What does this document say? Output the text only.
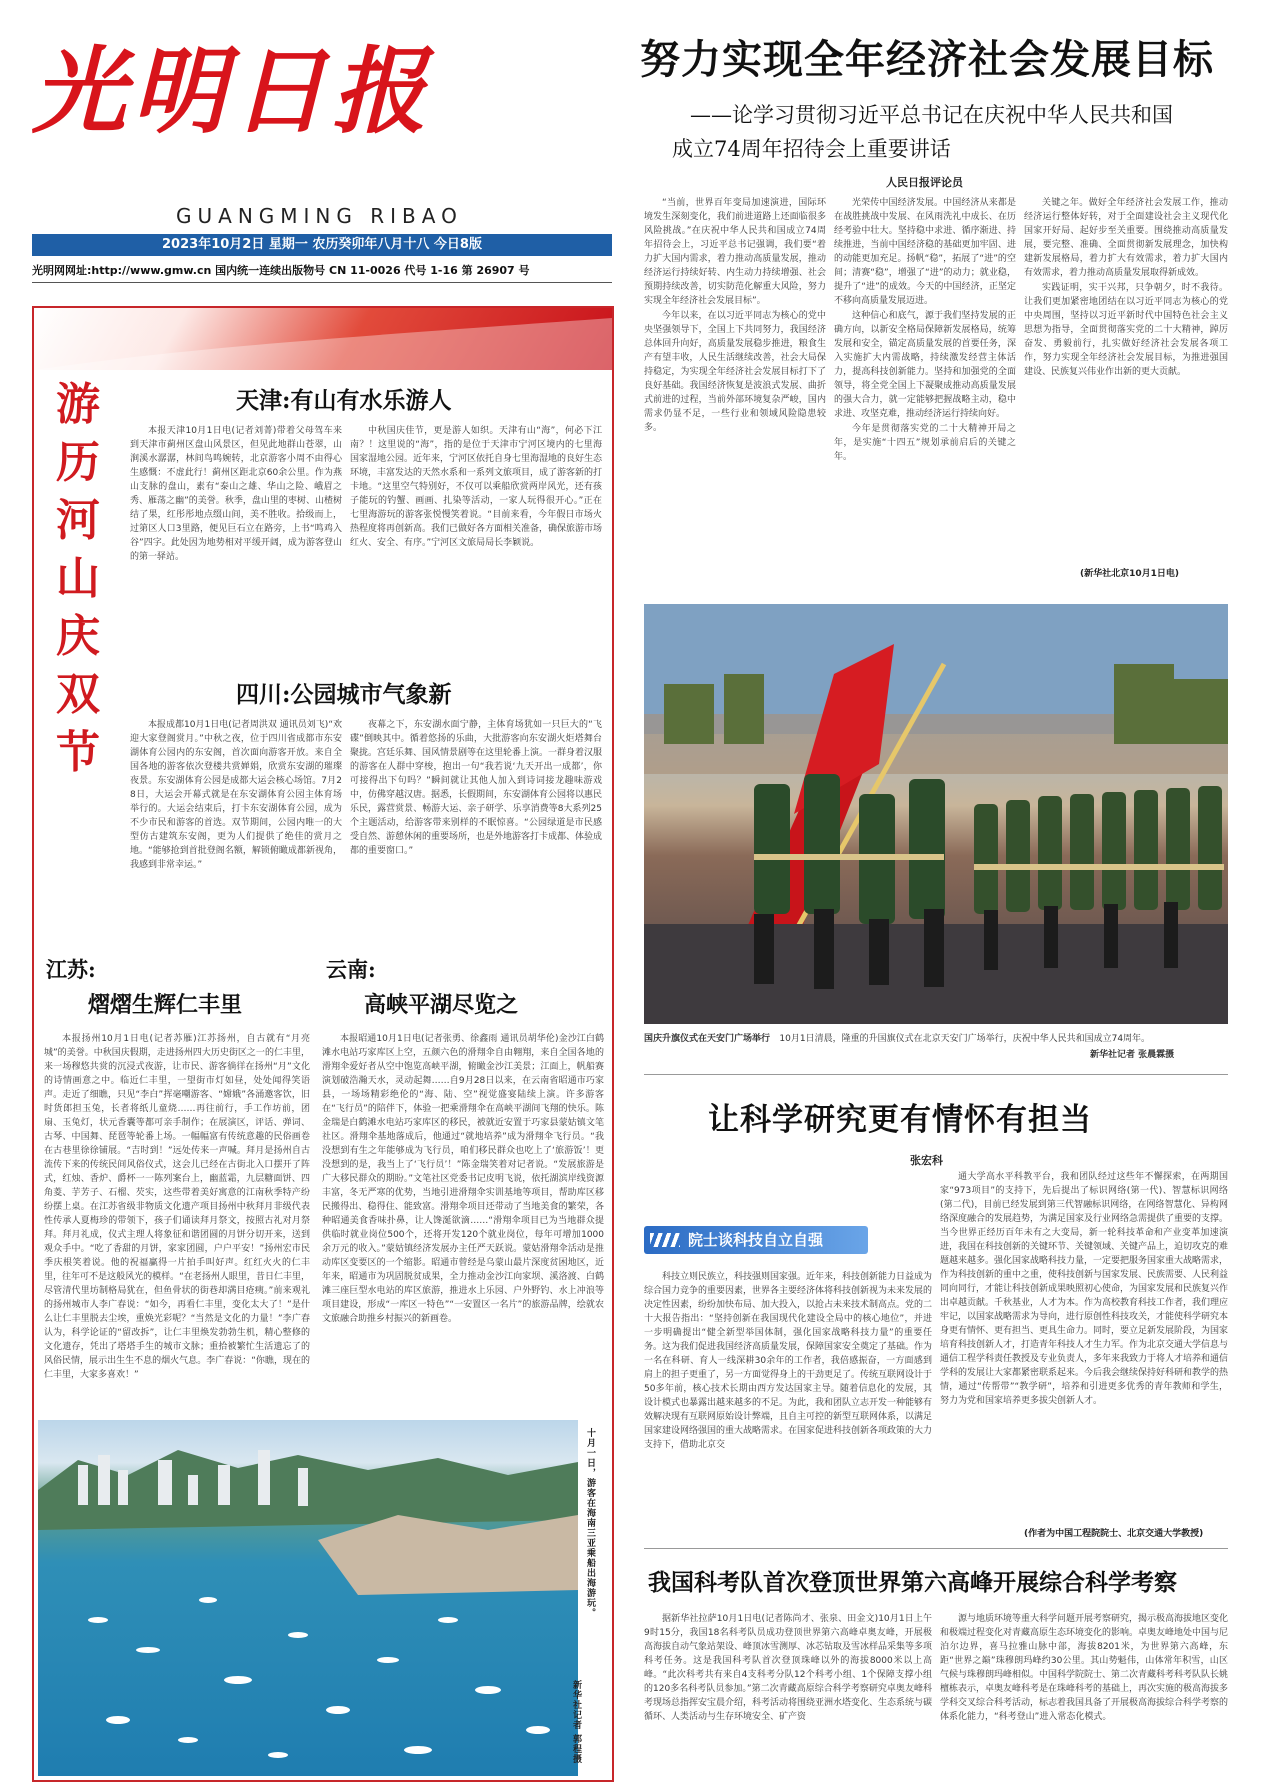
光明日报
GUANGMING RIBAO
2023年10月2日 星期一 农历癸卯年八月十八 今日8版
光明网网址:http://www.gmw.cn 国内统一连续出版物号 CN 11-0026 代号 1-16 第 26907 号
努力实现全年经济社会发展目标
——论学习贯彻习近平总书记在庆祝中华人民共和国
成立74周年招待会上重要讲话
人民日报评论员

“当前，世界百年变局加速演进，国际环境发生深刻变化，我们前进道路上还面临很多风险挑战。”在庆祝中华人民共和国成立74周年招待会上，习近平总书记强调，我们要“着力扩大国内需求，着力推动高质量发展，推动经济运行持续好转、内生动力持续增强、社会预期持续改善，切实防范化解重大风险，努力实现全年经济社会发展目标”。

今年以来，在以习近平同志为核心的党中央坚强领导下，全国上下共同努力，我国经济总体回升向好，高质量发展稳步推进，粮食生产有望丰收，人民生活继续改善，社会大局保持稳定，为实现全年经济社会发展目标打下了良好基础。我国经济恢复是波浪式发展、曲折式前进的过程，当前外部环境复杂严峻，国内需求仍显不足，一些行业和领域风险隐患较多。

光荣传中国经济发展。中国经济从来都是在战胜挑战中发展、在风雨洗礼中成长、在历经考验中壮大。坚持稳中求进、循序渐进、持续推进，当前中国经济稳的基础更加牢固、进的动能更加充足。扬帆“稳”，拓展了“进”的空间；清赛“稳”，增强了“进”的动力；就业稳，提升了“进”的成效。今天的中国经济，正坚定不移向高质量发展迈进。

这种信心和底气，源于我们坚持发展的正确方向，以新安全格局保障新发展格局，统筹发展和安全，锚定高质量发展的首要任务，深入实施扩大内需战略，持续激发经营主体活力，提高科技创新能力。坚持和加强党的全面领导，将全党全国上下凝聚成推动高质量发展的强大合力，就一定能够把握战略主动，稳中求进、攻坚克难，推动经济运行持续向好。

今年是贯彻落实党的二十大精神开局之年，是实施“十四五”规划承前启后的关键之年。

关键之年。做好全年经济社会发展工作，推动经济运行整体好转，对于全面建设社会主义现代化国家开好局、起好步至关重要。围绕推动高质量发展，要完整、准确、全面贯彻新发展理念，加快构建新发展格局，着力扩大有效需求，着力扩大国内有效需求，着力推动高质量发展取得新成效。

实践证明，实干兴邦，只争朝夕，时不我待。让我们更加紧密地团结在以习近平同志为核心的党中央周围，坚持以习近平新时代中国特色社会主义思想为指导，全面贯彻落实党的二十大精神，踔厉奋发、勇毅前行，扎实做好经济社会发展各项工作，努力实现全年经济社会发展目标，为推进强国建设、民族复兴伟业作出新的更大贡献。

(新华社北京10月1日电)
国庆升旗仪式在天安门广场举行 10月1日清晨，隆重的升国旗仪式在北京天安门广场举行，庆祝中华人民共和国成立74周年。
新华社记者 张晨霖摄
让科学研究更有情怀有担当
张宏科
院士谈科技自立自强

科技立则民族立，科技强则国家强。近年来，科技创新能力日益成为综合国力竞争的重要因素，世界各主要经济体将科技创新视为未来发展的决定性因素，纷纷加快布局、加大投入，以抢占未来技术制高点。党的二十大报告指出：“坚持创新在我国现代化建设全局中的核心地位”，并进一步明确提出“健全新型举国体制，强化国家战略科技力量”的重要任务。这为我们促进我国经济高质量发展，保障国家安全奠定了基础。作为一名在科研、育人一线深耕30余年的工作者，我倍感振奋，一方面感到肩上的担子更重了，另一方面觉得身上的干劲更足了。传统互联网设计于50多年前，核心技术长期由西方发达国家主导。随着信息化的发展，其设计模式也暴露出越来越多的不足。为此，我和团队立志开发一种能够有效解决现有互联网原始设计弊端，且自主可控的新型互联网体系，以满足国家建设网络强国的重大战略需求。在国家促进科技创新各项政策的大力支持下，借助北京交

通大学高水平科教平台，我和团队经过这些年不懈探索，在两期国家“973项目”的支持下，先后提出了标识网络(第一代)、智慧标识网络(第二代)，目前已经发展到第三代智融标识网络，在网络智慧化、异构网络深度融合的发展趋势，为满足国家及行业网络急需提供了重要的支撑。当今世界正经历百年未有之大变局，新一轮科技革命和产业变革加速演进，我国在科技创新的关键环节、关键领域、关键产品上，迫切攻克的难题越来越多。强化国家战略科技力量，一定要把服务国家重大战略需求，作为科技创新的重中之重，使科技创新与国家发展、民族需要、人民利益同向同行，才能让科技创新成果映照初心使命，为国家发展和民族复兴作出卓越贡献。千秋基业，人才为本。作为高校教育科技工作者，我们理应牢记，以国家战略需求为导向，进行原创性科技攻关，才能使科学研究本身更有情怀、更有担当、更具生命力。同时，要立足新发展阶段，为国家培育科技创新人才，打造青年科技人才生力军。作为北京交通大学信息与通信工程学科责任教授及专业负责人，多年来我致力于将人才培养和通信学科的发展让大家都紧密联系起来。今后我会继续保持好科研和教学的热情，通过“传帮带”“教学研”，培养和引进更多优秀的青年教师和学生，努力为党和国家培养更多拔尖创新人才。

(作者为中国工程院院士、北京交通大学教授)
我国科考队首次登顶世界第六高峰开展综合科学考察

据新华社拉萨10月1日电(记者陈尚才、张泉、田金文)10月1日上午9时15分，我国18名科考队员成功登顶世界第六高峰卓奥友峰，开展极高海拔自动气象站架设、峰顶冰雪测厚、冰芯钻取及雪冰样品采集等多项科考任务。这是我国科考队首次登顶珠峰以外的海拔8000米以上高峰。“此次科考共有来自4支科考分队12个科考小组、1个保障支撑小组的120多名科考队员参加。”第二次青藏高原综合科学考察研究卓奥友峰科考现场总指挥安宝晨介绍，科考活动将围绕亚洲水塔变化、生态系统与碳循环、人类活动与生存环境安全、矿产资

源与地质环境等重大科学问题开展考察研究，揭示极高海拔地区变化和极端过程变化对青藏高原生态环境变化的影响。卓奥友峰地处中国与尼泊尔边界，喜马拉雅山脉中部，海拔8201米，为世界第六高峰，东距“世界之巅”珠穆朗玛峰约30公里。其山势魁伟，山体常年积雪，山区气候与珠穆朗玛峰相似。中国科学院院士、第二次青藏科考科考队队长姚檀栋表示，卓奥友峰科考是在珠峰科考的基础上，再次实施的极高海拔多学科交叉综合科考活动，标志着我国具备了开展极高海拔综合科学考察的体系化能力，“科考登山”进入常态化模式。

游
历
河
山
庆
双
节
天津:有山有水乐游人

本报天津10月1日电(记者刘菁)带着父母驾车来到天津市蓟州区盘山风景区，但见此地群山苍翠，山涧溪水潺潺，林间鸟鸣婉转，北京游客小周不由得心生感慨：不虚此行！蓟州区距北京60余公里。作为燕山支脉的盘山，素有“泰山之雄、华山之险、峨眉之秀、雁荡之幽”的美誉。秋季，盘山里的枣树、山楂树结了果，红彤彤地点缀山间，美不胜收。拾级而上，过第区人口3里路，便见巨石立在路旁，上书“鸣鸡入谷”四字。此处因为地势相对平缓开阔，成为游客登山的第一驿站。

中秋国庆佳节，更是游人如织。天津有山“海”，何必下江南？！这里说的“海”，指的是位于天津市宁河区境内的七里海国家湿地公园。近年来，宁河区依托自身七里海湿地的良好生态环境，丰富发达的天然水系和一系列文旅项目，成了游客新的打卡地。“这里空气特别好，不仅可以乘船欣赏两岸风光，还有孩子能玩的钓蟹、画画、扎染等活动，一家人玩得很开心。”正在七里海游玩的游客张悦慢笑着说。“目前来看，今年假日市场火热程度将再创新高。我们已做好各方面相关准备，确保旅游市场红火、安全、有序。”宁河区文旅局局长李颖说。

四川:公园城市气象新

本报成都10月1日电(记者周洪双 通讯员刘飞)“欢迎大家登阁赏月。”中秋之夜，位于四川省成都市东安湖体育公园内的东安阁，首次面向游客开放。来自全国各地的游客依次登楼共赏婵娟，欣赏东安湖的璀璨夜景。东安湖体育公园是成都大运会核心场馆。7月28日，大运会开幕式就是在东安湖体育公园主体育场举行的。大运会结束后，打卡东安湖体育公园，成为不少市民和游客的首选。双节期间，公园内唯一的大型仿古建筑东安阁，更为人们提供了绝佳的赏月之地。“能够抢到首批登阁名额，解锁俯瞰成都新视角，我感到非常幸运。”

夜幕之下，东安湖水面宁静，主体育场犹如一只巨大的“飞碟”倒映其中。循着悠扬的乐曲，大批游客向东安湖火炬塔舞台聚拢。宫廷乐舞、国风情景剧等在这里轮番上演。一群身着汉服的游客在人群中穿梭，抱出一句“我若说‘九天开出一成都’，你可接得出下句吗？”瞬间就让其他人加入到诗词接龙趣味游戏中，仿佛穿越汉唐。据悉，长假期间，东安湖体育公园将以惠民乐民，露营赏景、畅游大运、亲子研学、乐享消费等8大系列25个主题活动，给游客带来别样的不眠惊喜。“公园绿道是市民感受自然、游憩休闲的重要场所，也是外地游客打卡成都、体验成都的重要窗口。”

江苏:
熠熠生辉仁丰里

本报扬州10月1日电(记者苏雁)江苏扬州，自古就有“月亮城”的美誉。中秋国庆假期，走进扬州四大历史街区之一的仁丰里，来一场穆悠共赏的沉浸式夜游，让市民、游客徜徉在扬州“月”文化的诗情画意之中。临近仁丰里，一望街市灯如昼，处处闻得笑语声。走近了细瞧，只见“李白”挥毫嘲游客、“嫦娥”各涌邀客饮，旧时货郎担玉兔，长者将纸儿童烧……再往前行，手工作坊前，团扇、玉兔灯，状元香囊等都可亲手制作；在展演区，评话、弹词、古琴、中国舞、琵琶等轮番上场。一幅幅富有传统意趣的民俗画卷在古巷里徐徐铺展。“吉时到！”远处传来一声喊。拜月是扬州自古流传下来的传统民间风俗仪式，这会儿已经在古街北入口摆开了阵式，红烛、香炉、爵杯一一陈列案台上，幽蓝霜，九层糖面饼、四角菱、芋芳子、石榴、芡实，这些带着美好寓意的江南秋季特产纷纷摆上桌。在江苏省级非物质文化遗产项目扬州中秋拜月非级代表性传承人夏梅珍的带领下，孩子们诵读拜月祭文，按照古礼对月祭拜。拜月礼成，仪式主理人将象征和谐团圆的月饼分切开来，送到观众手中。“吃了香甜的月饼，家家团圆，户户平安！”扬州宏市民季庆根笑着说。他的祝福赢得一片拍手叫好声。红红火火的仁丰里，往年可不是这般风光的模样。“在老扬州人眼里，昔日仁丰里，尽管清代里坊制格局犹在，但鱼骨状的街巷却满目疮痍。”前来观礼的扬州城市人李广春说：“如今，再看仁丰里，变化太大了！”是什么让仁丰里脱去尘埃，重焕光彩呢？“当然是文化的力量！”李广春认为，科学论证的“留改拆”，让仁丰里焕发勃勃生机，精心整修的文化遗存，凭出了塔塔手生的城市文脉；重拾被繁忙生活遗忘了的风俗民情，展示出生生不息的烟火气息。李广春说：“你瞧，现在的仁丰里，大家多喜欢！”

云南:
高峡平湖尽览之

本报昭通10月1日电(记者张勇、徐鑫雨 通讯员胡华伦)金沙江白鹤滩水电站巧家库区上空，五颜六色的滑翔伞自由翱翔，来自全国各地的滑翔伞爱好者从空中饱览高峡平湖，俯瞰金沙江美景；江面上，帆船赛演划破浩瀚天水，灵动起舞……自9月28日以来，在云南省昭通市巧家县，一场场精彩绝伦的“海、陆、空”视觉盛宴陆续上演。许多游客在“飞行员”的陪伴下，体验一把乘滑翔伞在高峡平湖间飞翔的快乐。陈金瑞是白鹤滩水电站巧家库区的移民，被就近安置于巧家县蒙姑镇文笔社区。滑翔伞基地落成后，他通过“就地培养”成为滑翔伞飞行员。“我没想到有生之年能够成为飞行员，咱们移民群众也吃上了‘旅游饭’！更没想到的是，我当上了‘飞行员’！”陈金瑞笑着对记者说。“发展旅游是广大移民群众的期盼。”文笔社区党委书记皮明飞说，依托湖滨岸线资源丰富，冬无严寒的优势，当地引进滑翔伞实训基地等项目，帮助库区移民搬得出、稳得住、能致富。滑翔伞项目还带动了当地美食的繁荣，各种昭通美食香味扑鼻，让人馋涎欲滴……“滑翔伞项目已为当地群众提供临时就业岗位500个，还将开发120个就业岗位，每年可增加1000余万元的收入。”蒙姑镇经济发展办主任严天跃说。蒙姑滑翔伞活动是推动库区变要区的一个缩影。昭通市曾经是乌蒙山最片深度贫困地区，近年来，昭通市为巩固脱贫成果，全力推动金沙江向家坝、溪洛渡、白鹤滩三座巨型水电站的库区旅游，推进水上乐园、户外野钓、水上冲浪等项目建设，形成“一库区一特色”“一安置区一名片”的旅游品牌，绘就农文旅融合助推乡村振兴的新画卷。

十月一日，游客在海南三亚乘船出海游玩。
新华社记者 郭程摄
